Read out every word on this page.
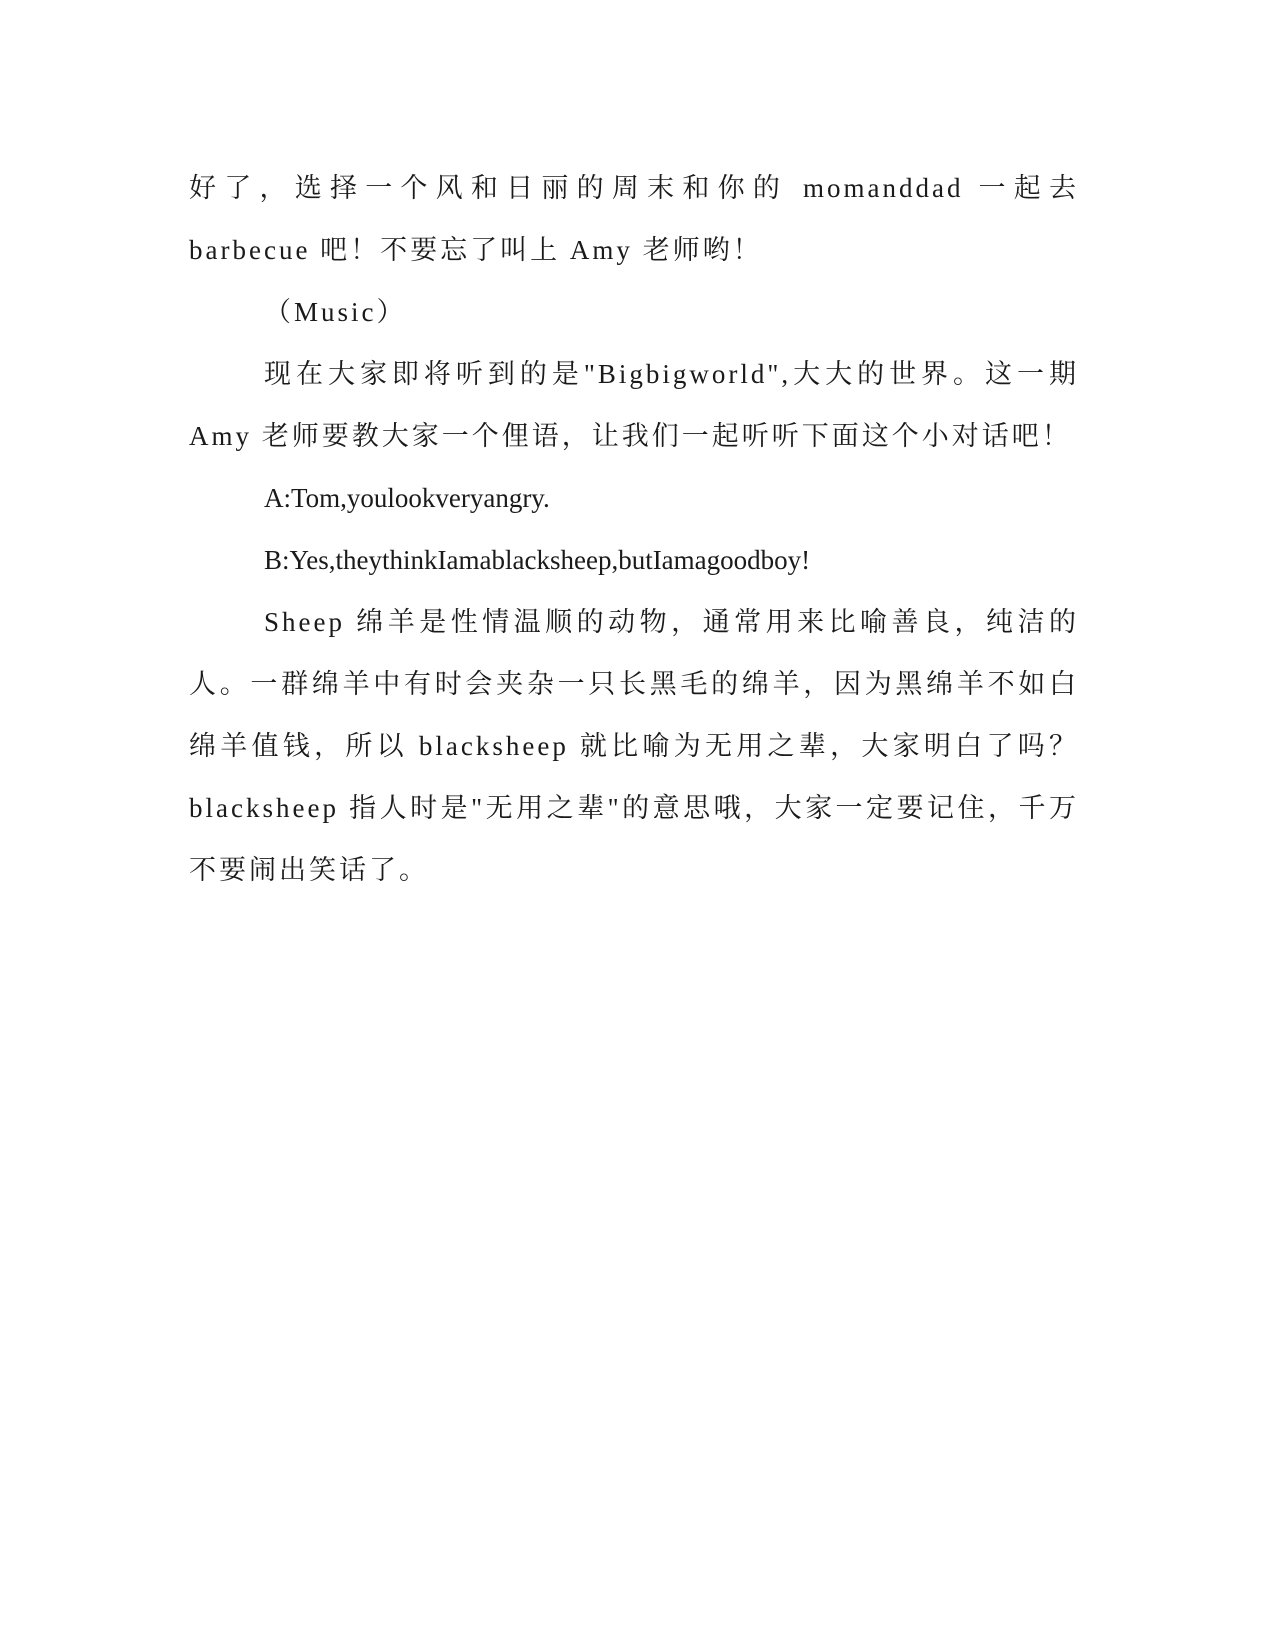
好了，选择一个风和日丽的周末和你的 momanddad 一起去 barbecue 吧！不要忘了叫上 Amy 老师哟！

（Music）

现在大家即将听到的是"Bigbigworld",大大的世界。这一期 Amy 老师要教大家一个俚语，让我们一起听听下面这个小对话吧！

A:Tom,youlookveryangry.

B:Yes,theythinkIamablacksheep,butIamagoodboy!

Sheep 绵羊是性情温顺的动物，通常用来比喻善良，纯洁的人。一群绵羊中有时会夹杂一只长黑毛的绵羊，因为黑绵羊不如白绵羊值钱，所以 blacksheep 就比喻为无用之辈，大家明白了吗？blacksheep 指人时是"无用之辈"的意思哦，大家一定要记住，千万不要闹出笑话了。
